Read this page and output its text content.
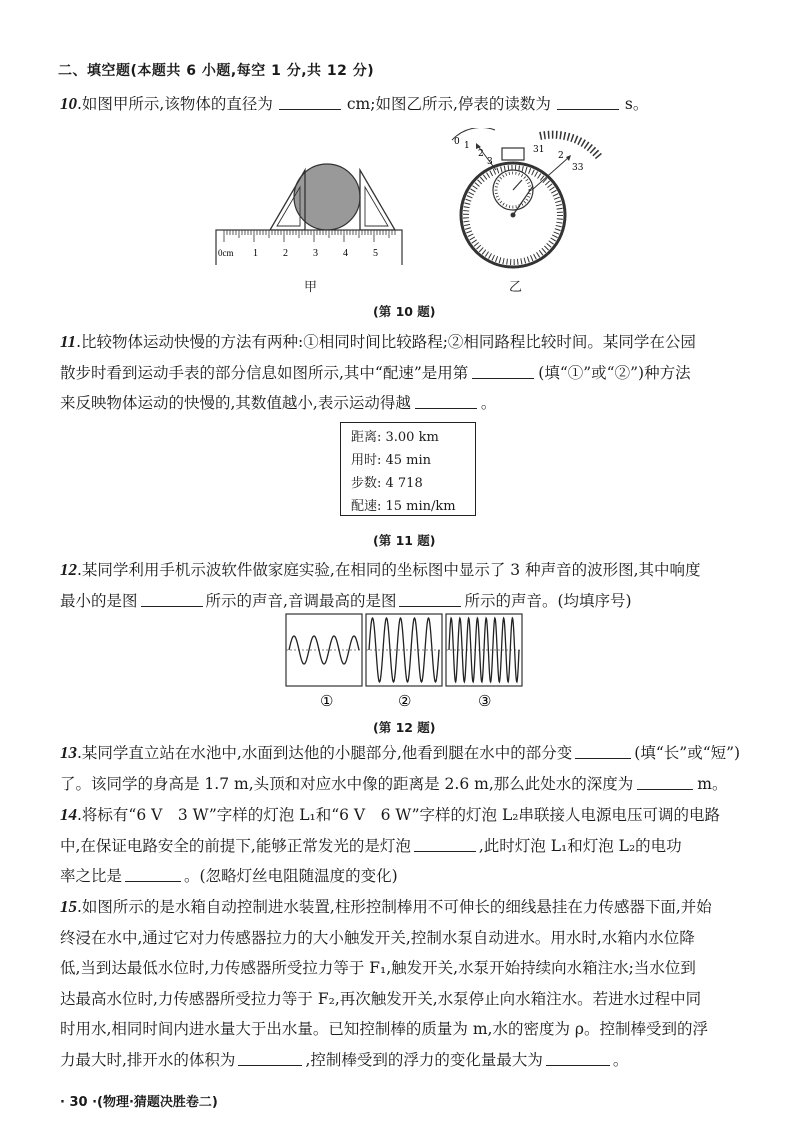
二、填空题(本题共 6 小题,每空 1 分,共 12 分)
10.如图甲所示,该物体的直径为	cm;如图乙所示,停表的读数为	s。
0cm 1	2	3	4	5
甲
0 1
2
3
31
2
33
乙
(第 10 题)
11.比较物体运动快慢的方法有两种:①相同时间比较路程;②相同路程比较时间。某同学在公园
散步时看到运动手表的部分信息如图所示,其中“配速”是用第	(填“①”或“②”)种方法
来反映物体运动的快慢的,其数值越小,表示运动得越	。
距离: 3.00 km
用时: 45 min
步数: 4 718
配速: 15 min/km
(第 11 题)
12.某同学利用手机示波软件做家庭实验,在相同的坐标图中显示了 3 种声音的波形图,其中响度
最小的是图	所示的声音,音调最高的是图	所示的声音。(均填序号)
①	②	③
(第 12 题)
13.某同学直立站在水池中,水面到达他的小腿部分,他看到腿在水中的部分变	(填“长”或“短”)
了。该同学的身高是 1.7 m,头顶和对应水中像的距离是 2.6 m,那么此处水的深度为	m。
14.将标有“6 V　3 W”字样的灯泡 L₁和“6 V　6 W”字样的灯泡 L₂串联接人电源电压可调的电路
中,在保证电路安全的前提下,能够正常发光的是灯泡	,此时灯泡 L₁和灯泡 L₂的电功
率之比是	。(忽略灯丝电阻随温度的变化)
15.如图所示的是水箱自动控制进水装置,柱形控制棒用不可伸长的细线悬挂在力传感器下面,并始
终浸在水中,通过它对力传感器拉力的大小触发开关,控制水泵自动进水。用水时,水箱内水位降
低,当到达最低水位时,力传感器所受拉力等于 F₁,触发开关,水泵开始持续向水箱注水;当水位到
达最高水位时,力传感器所受拉力等于 F₂,再次触发开关,水泵停止向水箱注水。若进水过程中同
时用水,相同时间内进水量大于出水量。已知控制棒的质量为 m,水的密度为 ρ。控制棒受到的浮
力最大时,排开水的体积为	,控制棒受到的浮力的变化量最大为	。
· 30 ·(物理·猜题决胜卷二)
